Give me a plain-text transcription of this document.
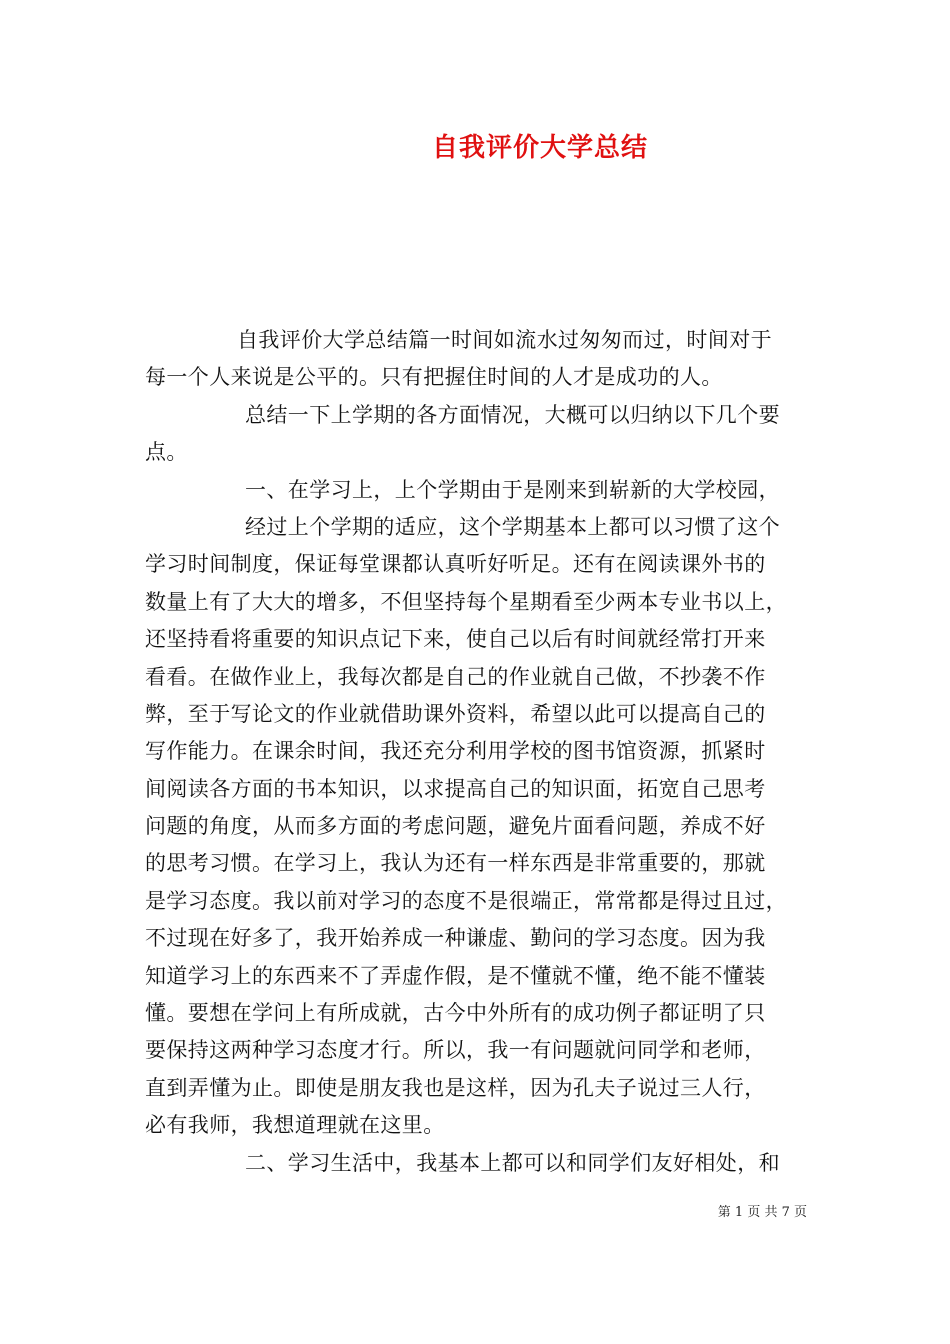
自我评价大学总结
自我评价大学总结篇一时间如流水过匆匆而过，时间对于
每一个人来说是公平的。只有把握住时间的人才是成功的人。
总结一下上学期的各方面情况，大概可以归纳以下几个要
点。
一、在学习上，上个学期由于是刚来到崭新的大学校园，
经过上个学期的适应，这个学期基本上都可以习惯了这个
学习时间制度，保证每堂课都认真听好听足。还有在阅读课外书的
数量上有了大大的增多，不但坚持每个星期看至少两本专业书以上，
还坚持看将重要的知识点记下来，使自己以后有时间就经常打开来
看看。在做作业上，我每次都是自己的作业就自己做，不抄袭不作
弊，至于写论文的作业就借助课外资料，希望以此可以提高自己的
写作能力。在课余时间，我还充分利用学校的图书馆资源，抓紧时
间阅读各方面的书本知识，以求提高自己的知识面，拓宽自己思考
问题的角度，从而多方面的考虑问题，避免片面看问题，养成不好
的思考习惯。在学习上，我认为还有一样东西是非常重要的，那就
是学习态度。我以前对学习的态度不是很端正，常常都是得过且过，
不过现在好多了，我开始养成一种谦虚、勤问的学习态度。因为我
知道学习上的东西来不了弄虚作假，是不懂就不懂，绝不能不懂装
懂。要想在学问上有所成就，古今中外所有的成功例子都证明了只
要保持这两种学习态度才行。所以，我一有问题就问同学和老师，
直到弄懂为止。即使是朋友我也是这样，因为孔夫子说过三人行，
必有我师，我想道理就在这里。
二、学习生活中，我基本上都可以和同学们友好相处，和
第 1 页 共 7 页
